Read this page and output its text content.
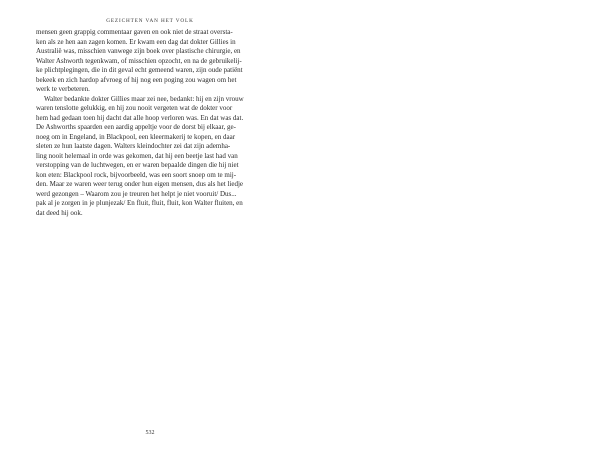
GEZICHTEN VAN HET VOLK
mensen geen grappig commentaar gaven en ook niet de straat oversta-
ken als ze hen aan zagen komen. Er kwam een dag dat dokter Gillies in
Australië was, misschien vanwege zijn boek over plastische chirurgie, en
Walter Ashworth tegenkwam, of misschien opzocht, en na de gebruikelij-
ke plichtplegingen, die in dit geval echt gemeend waren, zijn oude patiënt
bekeek en zich hardop afvroeg of hij nog een poging zou wagen om het
werk te verbeteren.
Walter bedankte dokter Gillies maar zei nee, bedankt: hij en zijn vrouw
waren tenslotte gelukkig, en hij zou nooit vergeten wat de dokter voor
hem had gedaan toen hij dacht dat alle hoop verloren was. En dat was dat.
De Ashworths spaarden een aardig appeltje voor de dorst bij elkaar, ge-
noeg om in Engeland, in Blackpool, een kleermakerij te kopen, en daar
sleten ze hun laatste dagen. Walters kleindochter zei dat zijn ademha-
ling nooit helemaal in orde was gekomen, dat hij een beetje last had van
verstopping van de luchtwegen, en er waren bepaalde dingen die hij niet
kon eten: Blackpool rock, bijvoorbeeld, was een soort snoep om te mij-
den. Maar ze waren weer terug onder hun eigen mensen, dus als het liedje
werd gezongen – Waarom zou je treuren het helpt je niet vooruit/ Dus...
pak al je zorgen in je plunjezak/ En fluit, fluit, fluit, kon Walter fluiten, en
dat deed hij ook.
532
